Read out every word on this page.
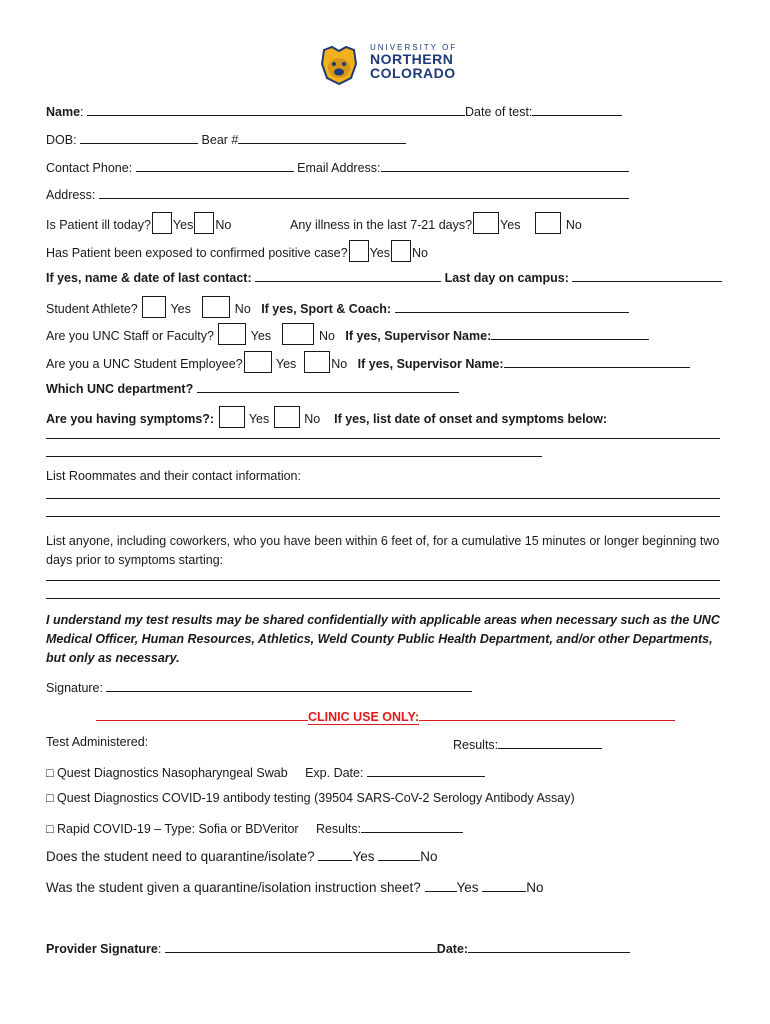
UNIVERSITY OF
NORTHERN
COLORADO
Name:	Date of test:
DOB:	Bear #
Contact Phone:	Email Address:
Address:
Is Patient ill today? Yes No	Any illness in the last 7-21 days? Yes	No
Has Patient been exposed to confirmed positive case? Yes No
If yes, name & date of last contact:	Last day on campus:
Student Athlete?	Yes	No If yes, Sport & Coach:
Are you UNC Staff or Faculty?	Yes	No If yes, Supervisor Name:
Are you a UNC Student Employee?	Yes	No If yes, Supervisor Name:
Which UNC department?
Are you having symptoms?:	Yes	No If yes, list date of onset and symptoms below:
List Roommates and their contact information:
List anyone, including coworkers, who you have been within 6 feet of, for a cumulative 15 minutes or longer beginning two days prior to symptoms starting:
I understand my test results may be shared confidentially with applicable areas when necessary such as the UNC Medical Officer, Human Resources, Athletics, Weld County Public Health Department, and/or other Departments, but only as necessary.
Signature:
CLINIC USE ONLY:
Test Administered:	Results:
□ Quest Diagnostics Nasopharyngeal Swab Exp. Date:
□ Quest Diagnostics COVID-19 antibody testing (39504 SARS-CoV-2 Serology Antibody Assay)
□ Rapid COVID-19 – Type: Sofia or BDVeritor Results:
Does the student need to quarantine/isolate?	Yes	No
Was the student given a quarantine/isolation instruction sheet?	Yes	No
Provider Signature:	Date:
